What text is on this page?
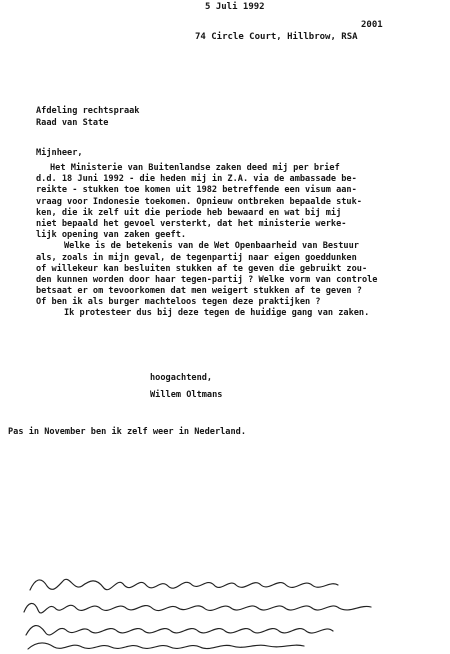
5 Juli 1992
2001
74 Circle Court, Hillbrow, RSA
Afdeling rechtspraak
Raad van State
Mijnheer,
Het Ministerie van Buitenlandse zaken deed mij per brief
d.d. 18 Juni 1992 - die heden mij in Z.A. via de ambassade be-
reikte - stukken toe komen uit 1982 betreffende een visum aan-
vraag voor Indonesie toekomen. Opnieuw ontbreken bepaalde stuk-
ken, die ik zelf uit die periode heb bewaard en wat bij mij
niet bepaald het gevoel versterkt, dat het ministerie werke-
lijk opening van zaken geeft.
Welke is de betekenis van de Wet Openbaarheid van Bestuur
als, zoals in mijn geval, de tegenpartij naar eigen goeddunken
of willekeur kan besluiten stukken af te geven die gebruikt zou-
den kunnen worden door haar tegen-partij ? Welke vorm van controle
betsaat er om tevoorkomen dat men weigert stukken af te geven ?
Of ben ik als burger machteloos tegen deze praktijken ?
Ik protesteer dus bij deze tegen de huidige gang van zaken.
hoogachtend,
Willem Oltmans
Pas in November ben ik zelf weer in Nederland.
